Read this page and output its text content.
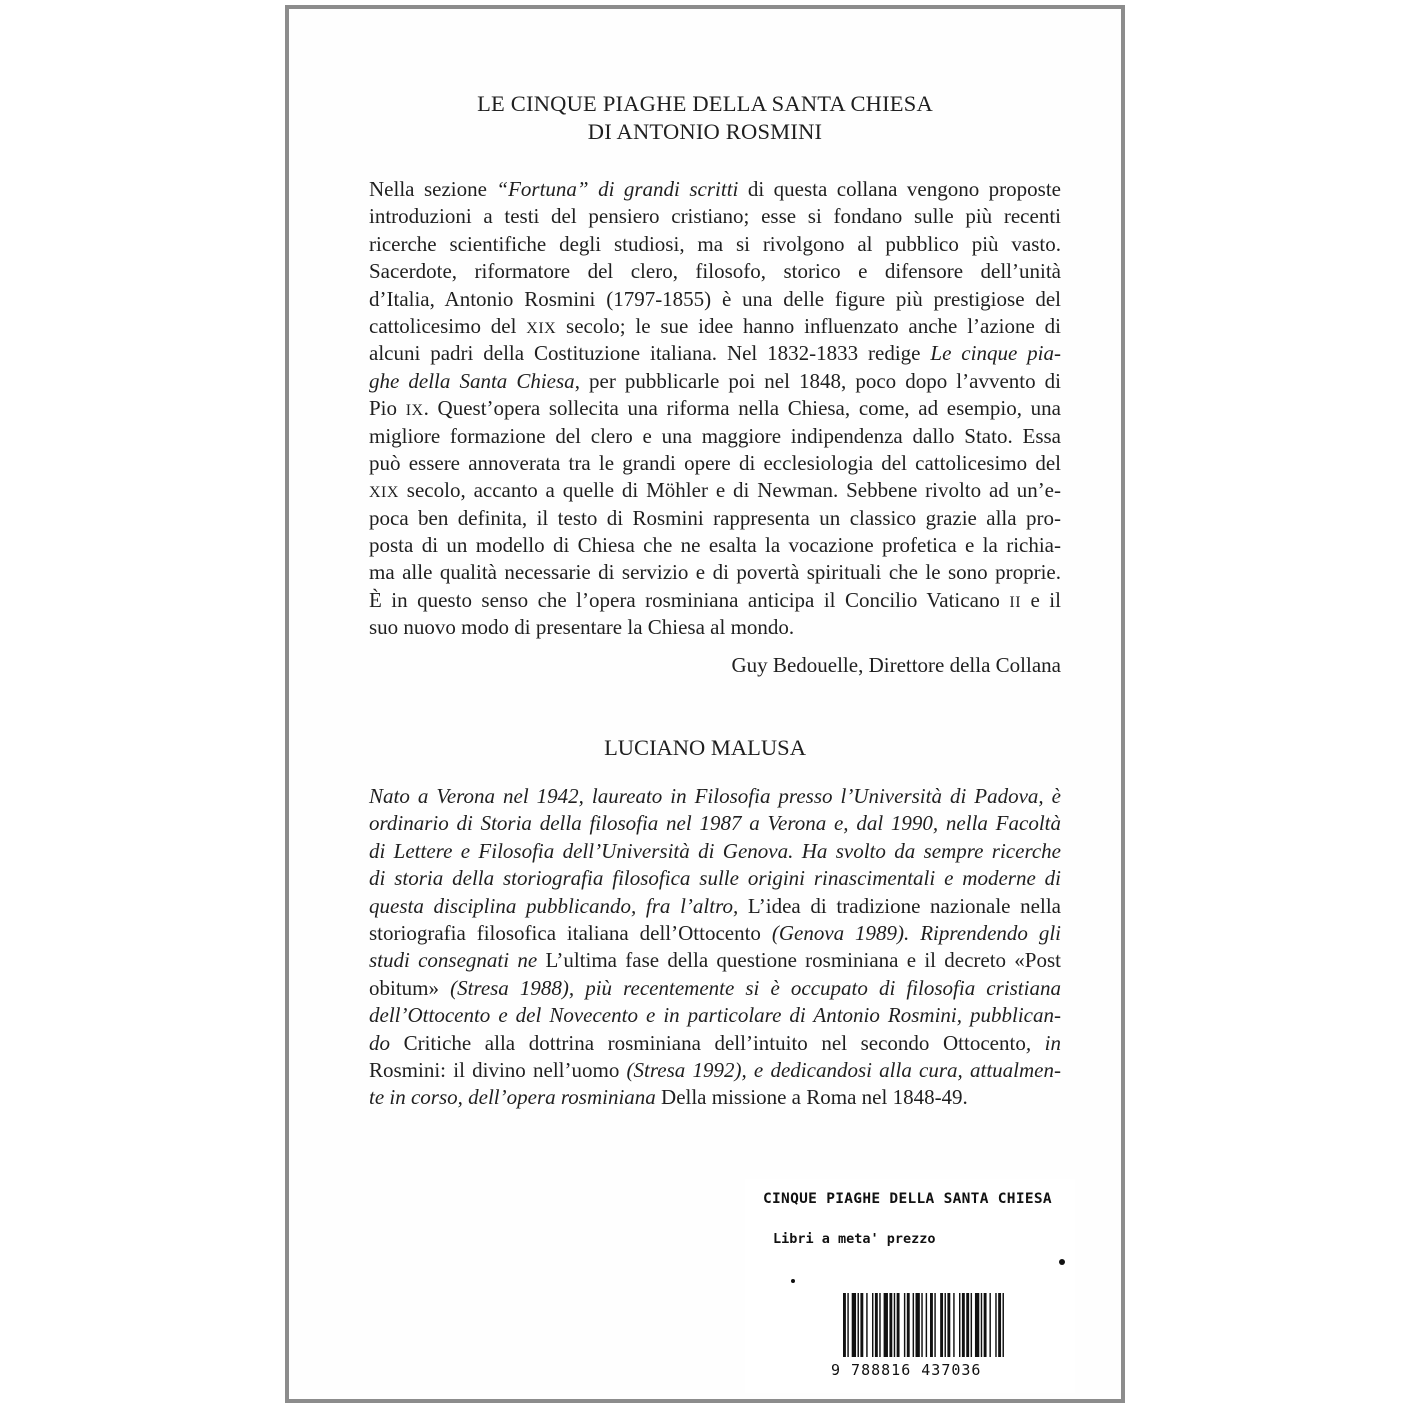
LE CINQUE PIAGHE DELLA SANTA CHIESA
DI ANTONIO ROSMINI
Nella sezione “Fortuna” di grandi scritti di questa collana vengono proposte
introduzioni a testi del pensiero cristiano; esse si fondano sulle più recenti
ricerche scientifiche degli studiosi, ma si rivolgono al pubblico più vasto.
Sacerdote, riformatore del clero, filosofo, storico e difensore dell’unità
d’Italia, Antonio Rosmini (1797-1855) è una delle figure più prestigiose del
cattolicesimo del XIX secolo; le sue idee hanno influenzato anche l’azione di
alcuni padri della Costituzione italiana. Nel 1832-1833 redige Le cinque pia-
ghe della Santa Chiesa, per pubblicarle poi nel 1848, poco dopo l’avvento di
Pio IX. Quest’opera sollecita una riforma nella Chiesa, come, ad esempio, una
migliore formazione del clero e una maggiore indipendenza dallo Stato. Essa
può essere annoverata tra le grandi opere di ecclesiologia del cattolicesimo del
XIX secolo, accanto a quelle di Möhler e di Newman. Sebbene rivolto ad un’e-
poca ben definita, il testo di Rosmini rappresenta un classico grazie alla pro-
posta di un modello di Chiesa che ne esalta la vocazione profetica e la richia-
ma alle qualità necessarie di servizio e di povertà spirituali che le sono proprie.
È in questo senso che l’opera rosminiana anticipa il Concilio Vaticano II e il
suo nuovo modo di presentare la Chiesa al mondo.
Guy Bedouelle, Direttore della Collana
LUCIANO MALUSA
Nato a Verona nel 1942, laureato in Filosofia presso l’Università di Padova, è
ordinario di Storia della filosofia nel 1987 a Verona e, dal 1990, nella Facoltà
di Lettere e Filosofia dell’Università di Genova. Ha svolto da sempre ricerche
di storia della storiografia filosofica sulle origini rinascimentali e moderne di
questa disciplina pubblicando, fra l’altro, L’idea di tradizione nazionale nella
storiografia filosofica italiana dell’Ottocento (Genova 1989). Riprendendo gli
studi consegnati ne L’ultima fase della questione rosminiana e il decreto «Post
obitum» (Stresa 1988), più recentemente si è occupato di filosofia cristiana
dell’Ottocento e del Novecento e in particolare di Antonio Rosmini, pubblican-
do Critiche alla dottrina rosminiana dell’intuito nel secondo Ottocento, in
Rosmini: il divino nell’uomo (Stresa 1992), e dedicandosi alla cura, attualmen-
te in corso, dell’opera rosminiana Della missione a Roma nel 1848-49.
CINQUE PIAGHE DELLA SANTA CHIESA
Libri a meta' prezzo
9 788816 437036
